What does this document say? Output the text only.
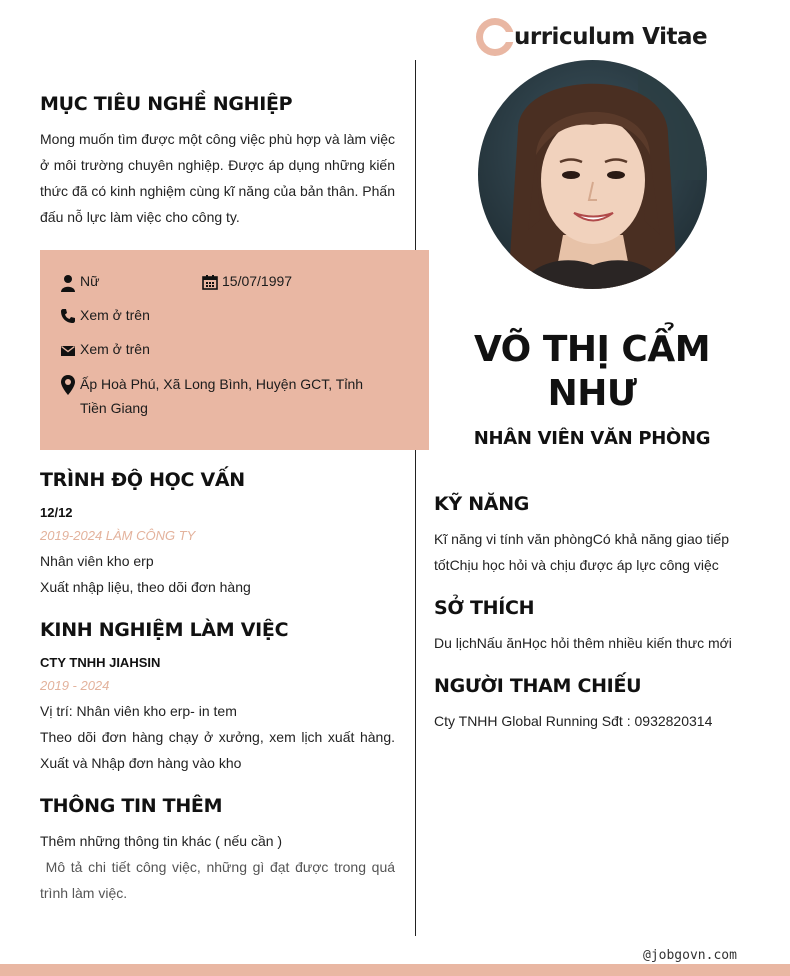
urriculum Vitae
MỤC TIÊU NGHỀ NGHIỆP

Mong muốn tìm được một công việc phù hợp và làm việc ở môi trường chuyên nghiệp. Được áp dụng những kiến thức đã có kinh nghiệm cùng kĩ năng của bản thân. Phấn đấu nỗ lực làm việc cho công ty.

Nữ	15/07/1997
Xem ở trên
Xem ở trên
Ấp Hoà Phú, Xã Long Bình, Huyện GCT, Tỉnh Tiền Giang
TRÌNH ĐỘ HỌC VẤN
12/12
2019-2024 LÀM CÔNG TY

Nhân viên kho erp

Xuất nhập liệu, theo dõi đơn hàng

KINH NGHIỆM LÀM VIỆC
CTY TNHH JIAHSIN
2019 - 2024

Vị trí: Nhân viên kho erp- in tem

Theo dõi đơn hàng chạy ở xưởng, xem lịch xuất hàng. Xuất và Nhập đơn hàng vào kho

THÔNG TIN THÊM

Thêm những thông tin khác ( nếu cần )

Mô tả chi tiết công việc, những gì đạt được trong quá trình làm việc.

VÕ THỊ CẨM NHƯ
NHÂN VIÊN VĂN PHÒNG
KỸ NĂNG

Kĩ năng vi tính văn phòngCó khả năng giao tiếp tốtChịu học hỏi và chịu được áp lực công việc

SỞ THÍCH

Du lịchNấu ănHọc hỏi thêm nhiều kiến thưc mới

NGƯỜI THAM CHIẾU

Cty TNHH Global Running Sđt : 0932820314

@jobgovn.com
